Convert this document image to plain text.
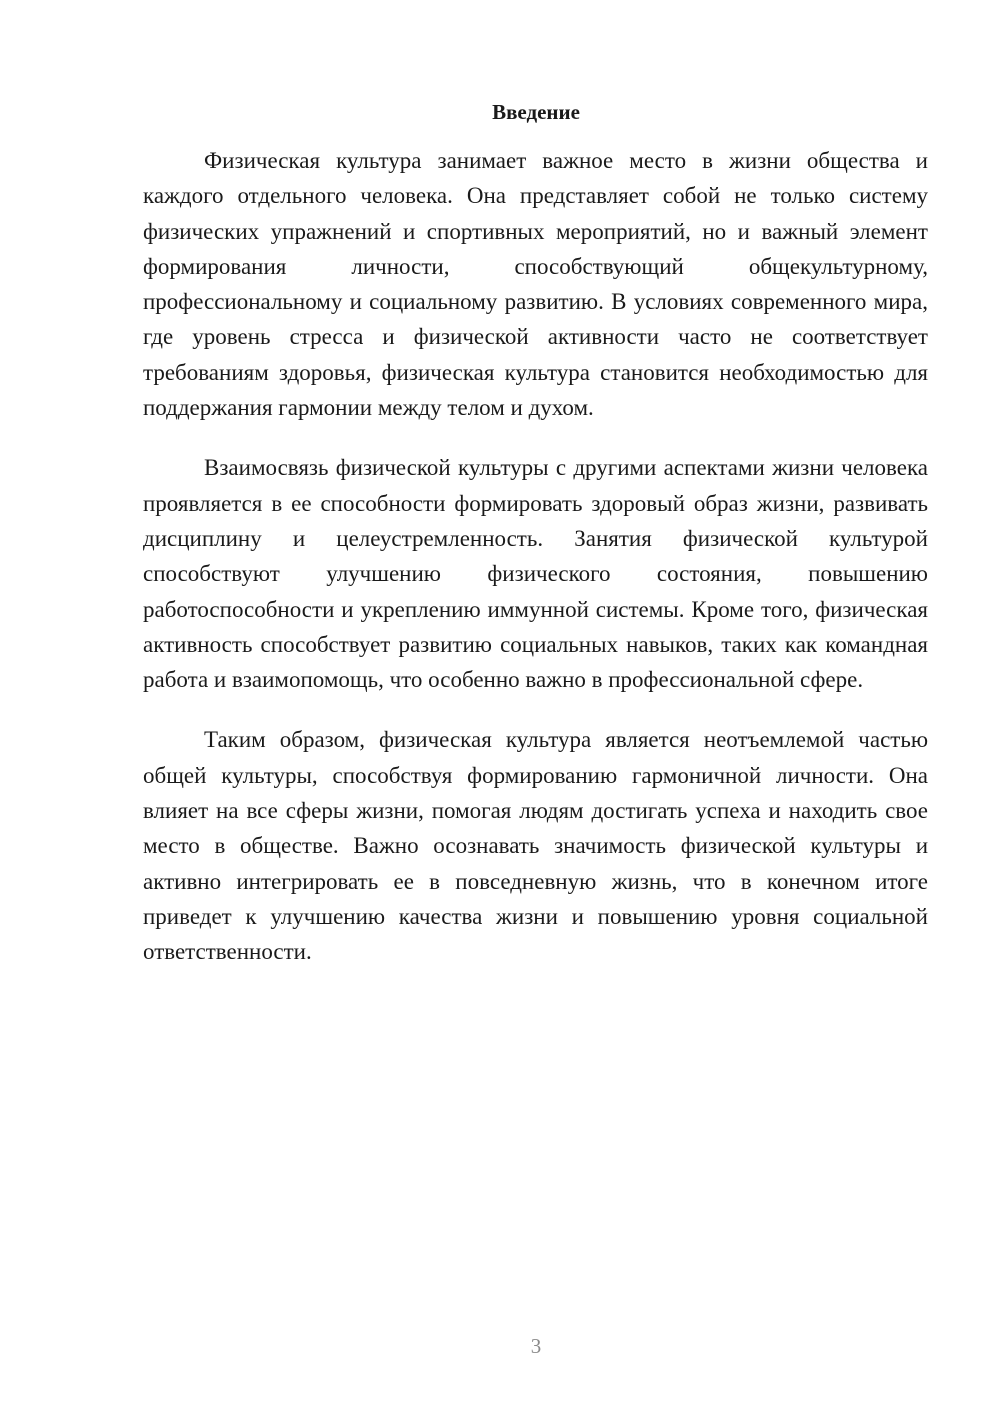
Введение

Физическая культура занимает важное место в жизни общества и каждого отдельного человека. Она представляет собой не только систему физических упражнений и спортивных мероприятий, но и важный элемент формирования личности, способствующий общекультурному, профессиональному и социальному развитию. В условиях современного мира, где уровень стресса и физической активности часто не соответствует требованиям здоровья, физическая культура становится необходимостью для поддержания гармонии между телом и духом.

Взаимосвязь физической культуры с другими аспектами жизни человека проявляется в ее способности формировать здоровый образ жизни, развивать дисциплину и целеустремленность. Занятия физической культурой способствуют улучшению физического состояния, повышению работоспособности и укреплению иммунной системы. Кроме того, физическая активность способствует развитию социальных навыков, таких как командная работа и взаимопомощь, что особенно важно в профессиональной сфере.

Таким образом, физическая культура является неотъемлемой частью общей культуры, способствуя формированию гармоничной личности. Она влияет на все сферы жизни, помогая людям достигать успеха и находить свое место в обществе. Важно осознавать значимость физической культуры и активно интегрировать ее в повседневную жизнь, что в конечном итоге приведет к улучшению качества жизни и повышению уровня социальной ответственности.

3
